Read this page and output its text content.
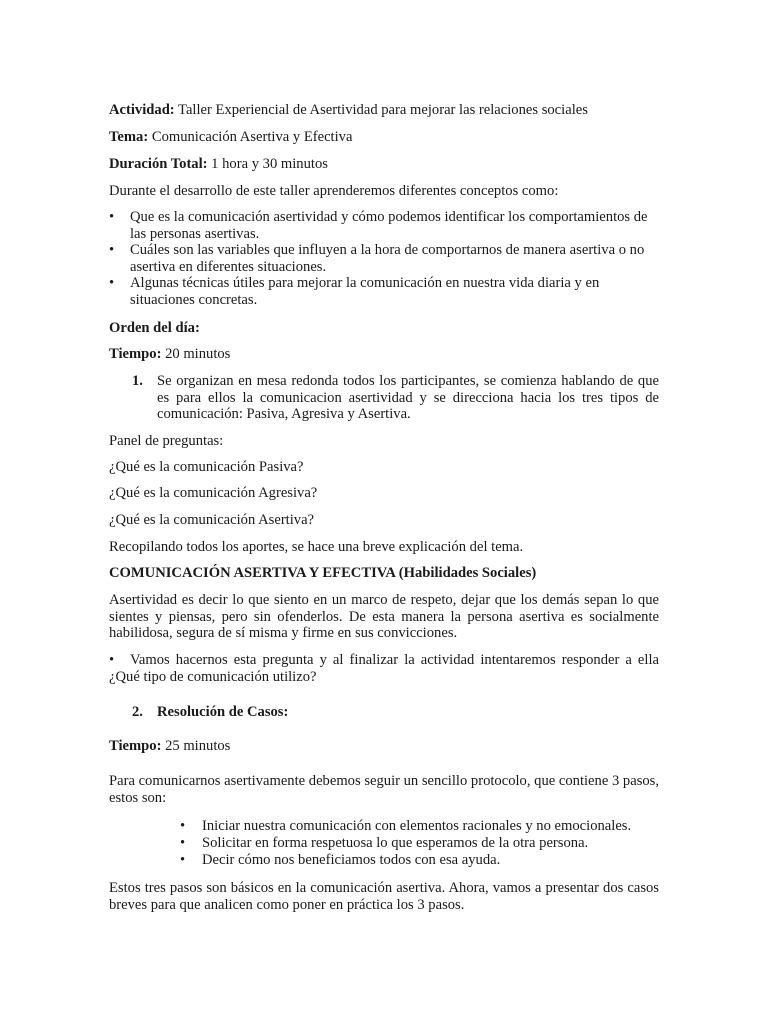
Actividad: Taller Experiencial de Asertividad para mejorar las relaciones sociales
Tema: Comunicación Asertiva y Efectiva
Duración Total: 1 hora y 30 minutos
Durante el desarrollo de este taller aprenderemos diferentes conceptos como:
•	Que es la comunicación asertividad y cómo podemos identificar los comportamientos de las personas asertivas.
•	Cuáles son las variables que influyen a la hora de comportarnos de manera asertiva o no asertiva en diferentes situaciones.
•	Algunas técnicas útiles para mejorar la comunicación en nuestra vida diaria y en situaciones concretas.
Orden del día:
Tiempo: 20 minutos
1. Se organizan en mesa redonda todos los participantes, se comienza hablando de que es para ellos la comunicacion asertividad y se direcciona hacia los tres tipos de comunicación: Pasiva, Agresiva y Asertiva.
Panel de preguntas:
¿Qué es la comunicación Pasiva?
¿Qué es la comunicación Agresiva?
¿Qué es la comunicación Asertiva?
Recopilando todos los aportes, se hace una breve explicación del tema.
COMUNICACIÓN ASERTIVA Y EFECTIVA (Habilidades Sociales)
Asertividad es decir lo que siento en un marco de respeto, dejar que los demás sepan lo que sientes y piensas, pero sin ofenderlos. De esta manera la persona asertiva es socialmente habilidosa, segura de sí misma y firme en sus convicciones.
•	Vamos hacernos esta pregunta y al finalizar la actividad intentaremos responder a ella ¿Qué tipo de comunicación utilizo?
2. Resolución de Casos:
Tiempo: 25 minutos
Para comunicarnos asertivamente debemos seguir un sencillo protocolo, que contiene 3 pasos, estos son:
•	Iniciar nuestra comunicación con elementos racionales y no emocionales.
•	Solicitar en forma respetuosa lo que esperamos de la otra persona.
•	Decir cómo nos beneficiamos todos con esa ayuda.
Estos tres pasos son básicos en la comunicación asertiva. Ahora, vamos a presentar dos casos breves para que analicen como poner en práctica los 3 pasos.
